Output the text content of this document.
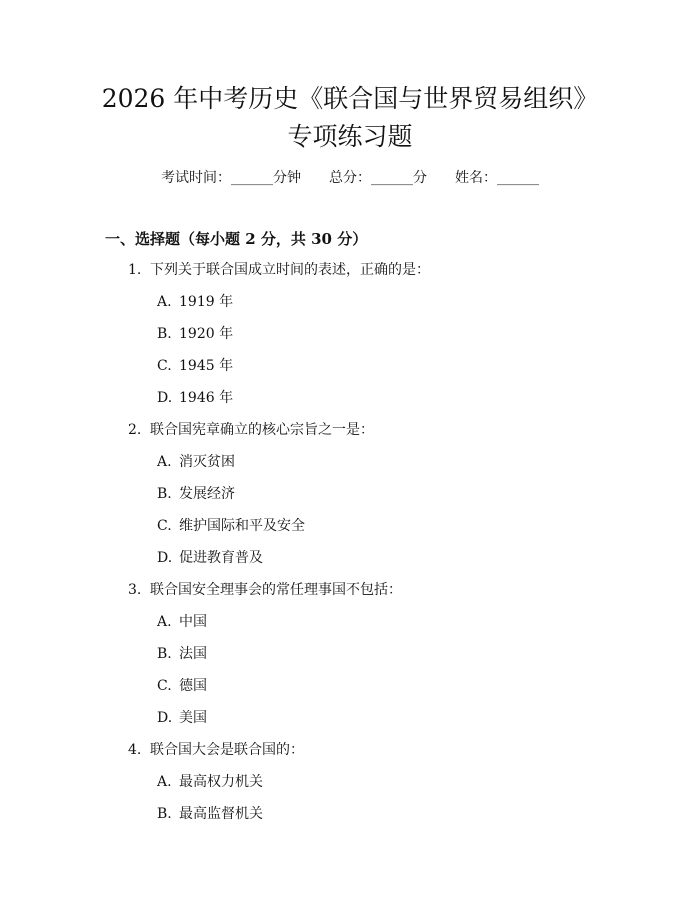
2026 年中考历史《联合国与世界贸易组织》
专项练习题
考试时间：______分钟 总分：______分 姓名：______
一、选择题（每小题 2 分，共 30 分）
1. 下列关于联合国成立时间的表述，正确的是：
A. 1919 年
B. 1920 年
C. 1945 年
D. 1946 年
2. 联合国宪章确立的核心宗旨之一是：
A. 消灭贫困
B. 发展经济
C. 维护国际和平及安全
D. 促进教育普及
3. 联合国安全理事会的常任理事国不包括：
A. 中国
B. 法国
C. 德国
D. 美国
4. 联合国大会是联合国的：
A. 最高权力机关
B. 最高监督机关
